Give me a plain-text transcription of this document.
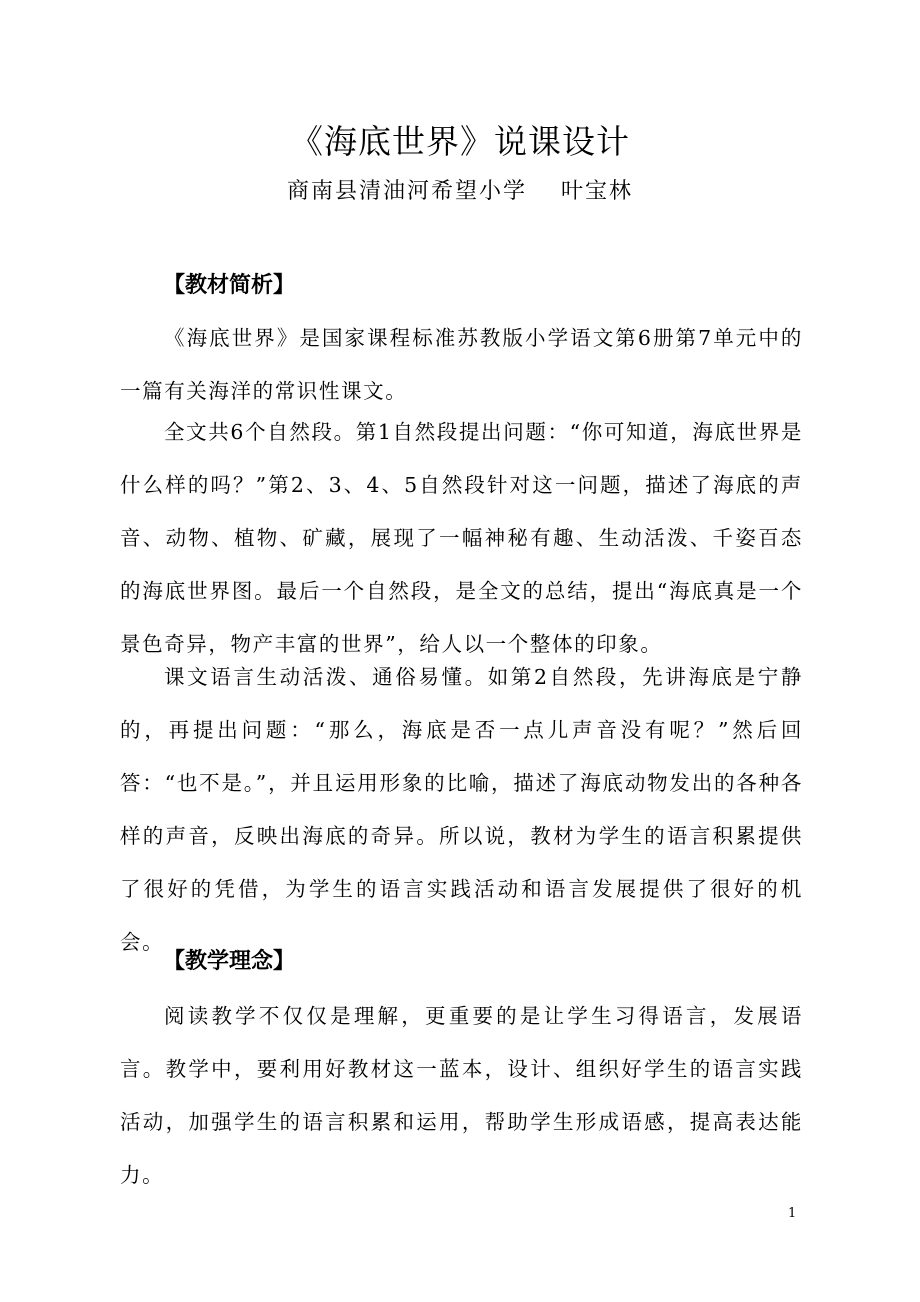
《海底世界》说课设计
商南县清油河希望小学 叶宝林
【教材简析】

《海底世界》是国家课程标准苏教版小学语文第6册第7单元中的一篇有关海洋的常识性课文。

全文共6个自然段。第1自然段提出问题：“你可知道，海底世界是什么样的吗？”第2、3、4、5自然段针对这一问题，描述了海底的声音、动物、植物、矿藏，展现了一幅神秘有趣、生动活泼、千姿百态的海底世界图。最后一个自然段，是全文的总结，提出“海底真是一个景色奇异，物产丰富的世界”，给人以一个整体的印象。

课文语言生动活泼、通俗易懂。如第2自然段，先讲海底是宁静的，再提出问题：“那么，海底是否一点儿声音没有呢？”然后回答：“也不是。”，并且运用形象的比喻，描述了海底动物发出的各种各样的声音，反映出海底的奇异。所以说，教材为学生的语言积累提供了很好的凭借，为学生的语言实践活动和语言发展提供了很好的机会。

【教学理念】

阅读教学不仅仅是理解，更重要的是让学生习得语言，发展语言。教学中，要利用好教材这一蓝本，设计、组织好学生的语言实践活动，加强学生的语言积累和运用，帮助学生形成语感，提高表达能力。

1
